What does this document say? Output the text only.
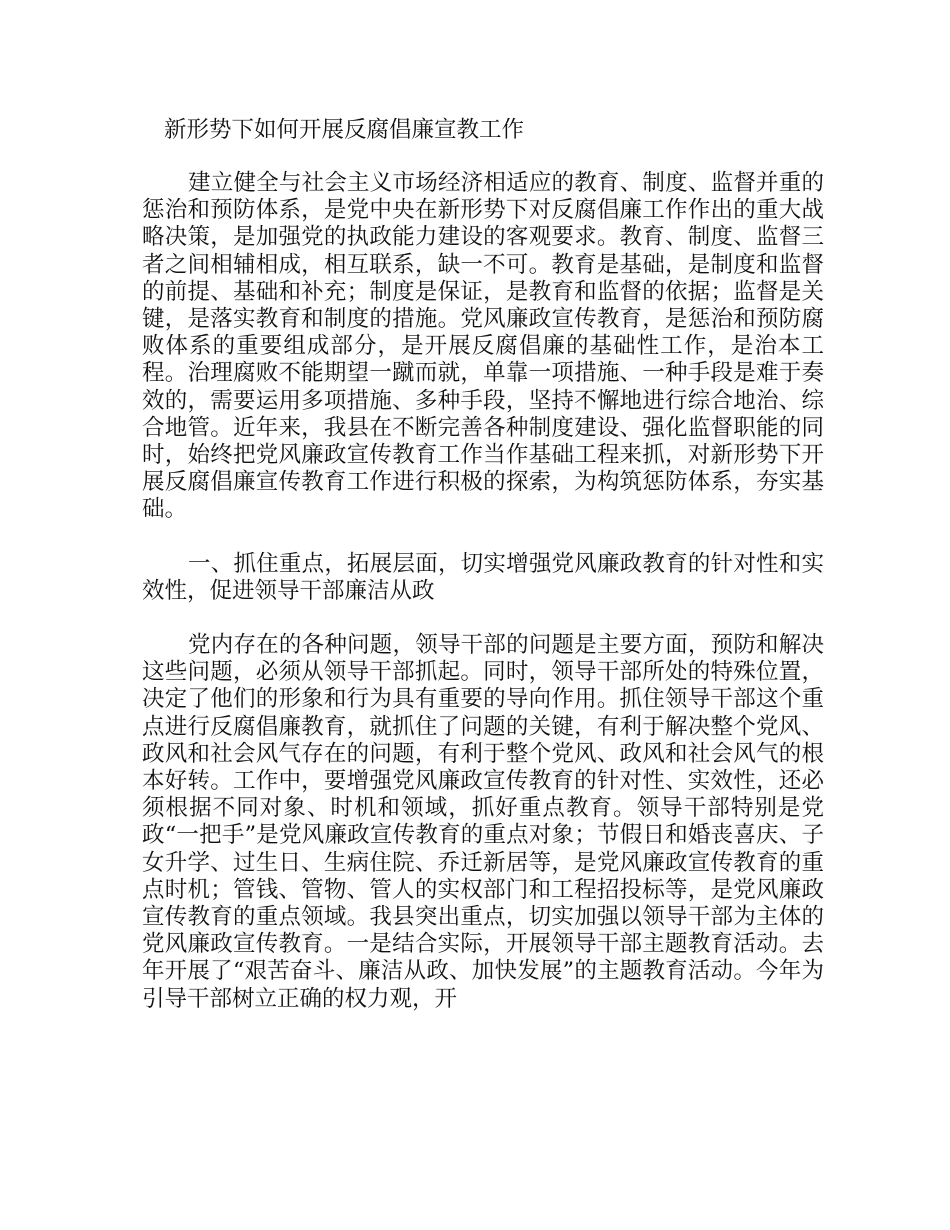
新形势下如何开展反腐倡廉宣教工作

建立健全与社会主义市场经济相适应的教育、制度、监督并重的惩治和预防体系，是党中央在新形势下对反腐倡廉工作作出的重大战略决策，是加强党的执政能力建设的客观要求。教育、制度、监督三者之间相辅相成，相互联系，缺一不可。教育是基础，是制度和监督的前提、基础和补充；制度是保证，是教育和监督的依据；监督是关键，是落实教育和制度的措施。党风廉政宣传教育，是惩治和预防腐败体系的重要组成部分，是开展反腐倡廉的基础性工作，是治本工程。治理腐败不能期望一蹴而就，单靠一项措施、一种手段是难于奏效的，需要运用多项措施、多种手段，坚持不懈地进行综合地治、综合地管。近年来，我县在不断完善各种制度建设、强化监督职能的同时，始终把党风廉政宣传教育工作当作基础工程来抓，对新形势下开展反腐倡廉宣传教育工作进行积极的探索，为构筑惩防体系，夯实基础。

一、抓住重点，拓展层面，切实增强党风廉政教育的针对性和实效性，促进领导干部廉洁从政

党内存在的各种问题，领导干部的问题是主要方面，预防和解决这些问题，必须从领导干部抓起。同时，领导干部所处的特殊位置，决定了他们的形象和行为具有重要的导向作用。抓住领导干部这个重点进行反腐倡廉教育，就抓住了问题的关键，有利于解决整个党风、政风和社会风气存在的问题，有利于整个党风、政风和社会风气的根本好转。工作中，要增强党风廉政宣传教育的针对性、实效性，还必须根据不同对象、时机和领域，抓好重点教育。领导干部特别是党政“一把手”是党风廉政宣传教育的重点对象；节假日和婚丧喜庆、子女升学、过生日、生病住院、乔迁新居等，是党风廉政宣传教育的重点时机；管钱、管物、管人的实权部门和工程招投标等，是党风廉政宣传教育的重点领域。我县突出重点，切实加强以领导干部为主体的党风廉政宣传教育。一是结合实际，开展领导干部主题教育活动。去年开展了“艰苦奋斗、廉洁从政、加快发展”的主题教育活动。今年为引导干部树立正确的权力观，开
